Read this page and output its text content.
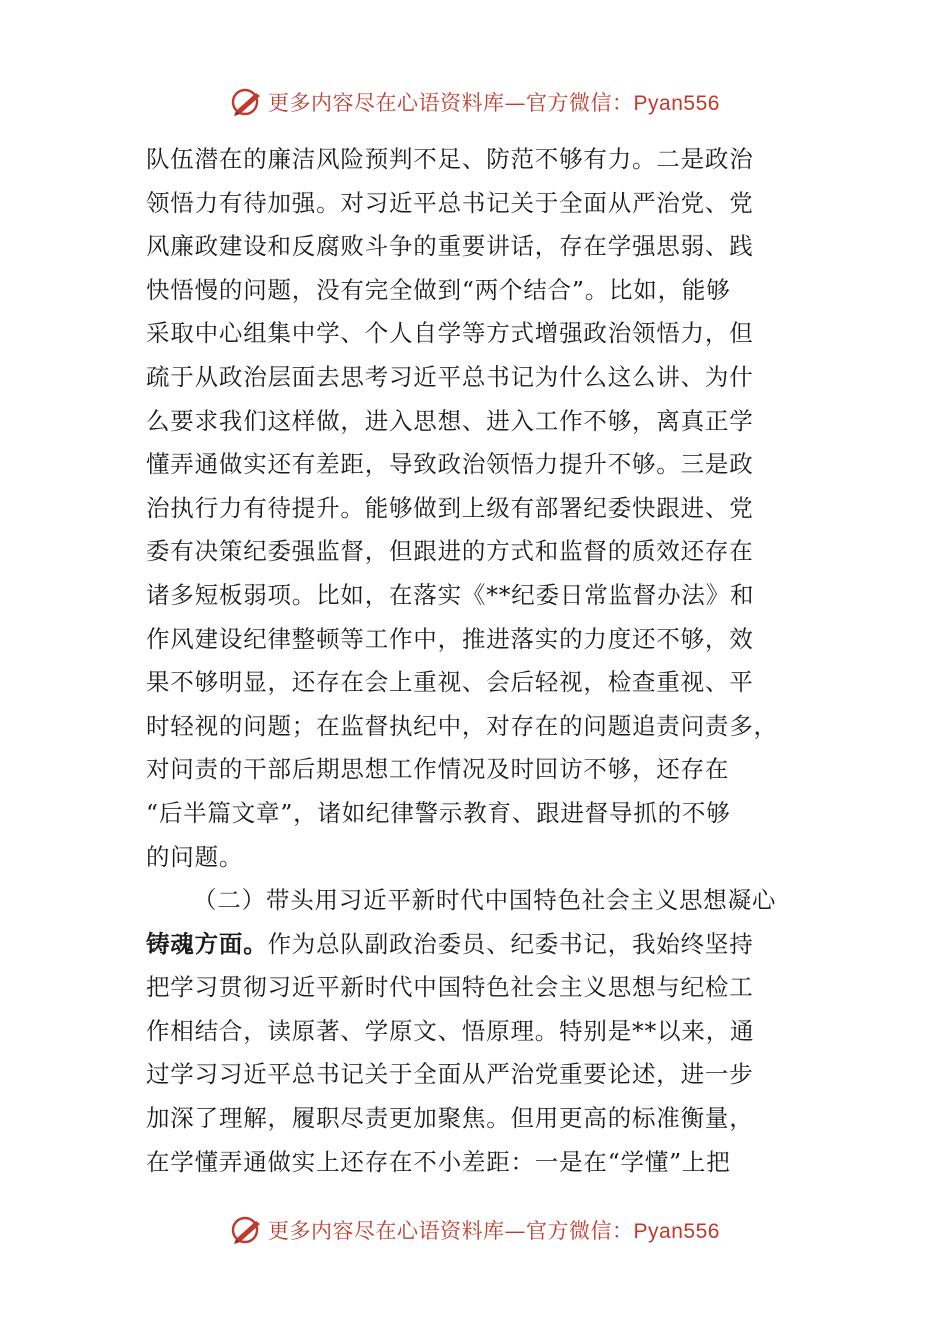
更多内容尽在心语资料库—官方微信：Pyan556
队伍潜在的廉洁风险预判不足、防范不够有力。二是政治
领悟力有待加强。对习近平总书记关于全面从严治党、党
风廉政建设和反腐败斗争的重要讲话，存在学强思弱、践
快悟慢的问题，没有完全做到“两个结合”。比如，能够
采取中心组集中学、个人自学等方式增强政治领悟力，但
疏于从政治层面去思考习近平总书记为什么这么讲、为什
么要求我们这样做，进入思想、进入工作不够，离真正学
懂弄通做实还有差距，导致政治领悟力提升不够。三是政
治执行力有待提升。能够做到上级有部署纪委快跟进、党
委有决策纪委强监督，但跟进的方式和监督的质效还存在
诸多短板弱项。比如，在落实《**纪委日常监督办法》和
作风建设纪律整顿等工作中，推进落实的力度还不够，效
果不够明显，还存在会上重视、会后轻视，检查重视、平
时轻视的问题；在监督执纪中，对存在的问题追责问责多，
对问责的干部后期思想工作情况及时回访不够，还存在
“后半篇文章”，诸如纪律警示教育、跟进督导抓的不够
的问题。
（二）带头用习近平新时代中国特色社会主义思想凝心
铸魂方面。作为总队副政治委员、纪委书记，我始终坚持
把学习贯彻习近平新时代中国特色社会主义思想与纪检工
作相结合，读原著、学原文、悟原理。特别是**以来，通
过学习习近平总书记关于全面从严治党重要论述，进一步
加深了理解，履职尽责更加聚焦。但用更高的标准衡量，
在学懂弄通做实上还存在不小差距：一是在“学懂”上把
更多内容尽在心语资料库—官方微信：Pyan556
